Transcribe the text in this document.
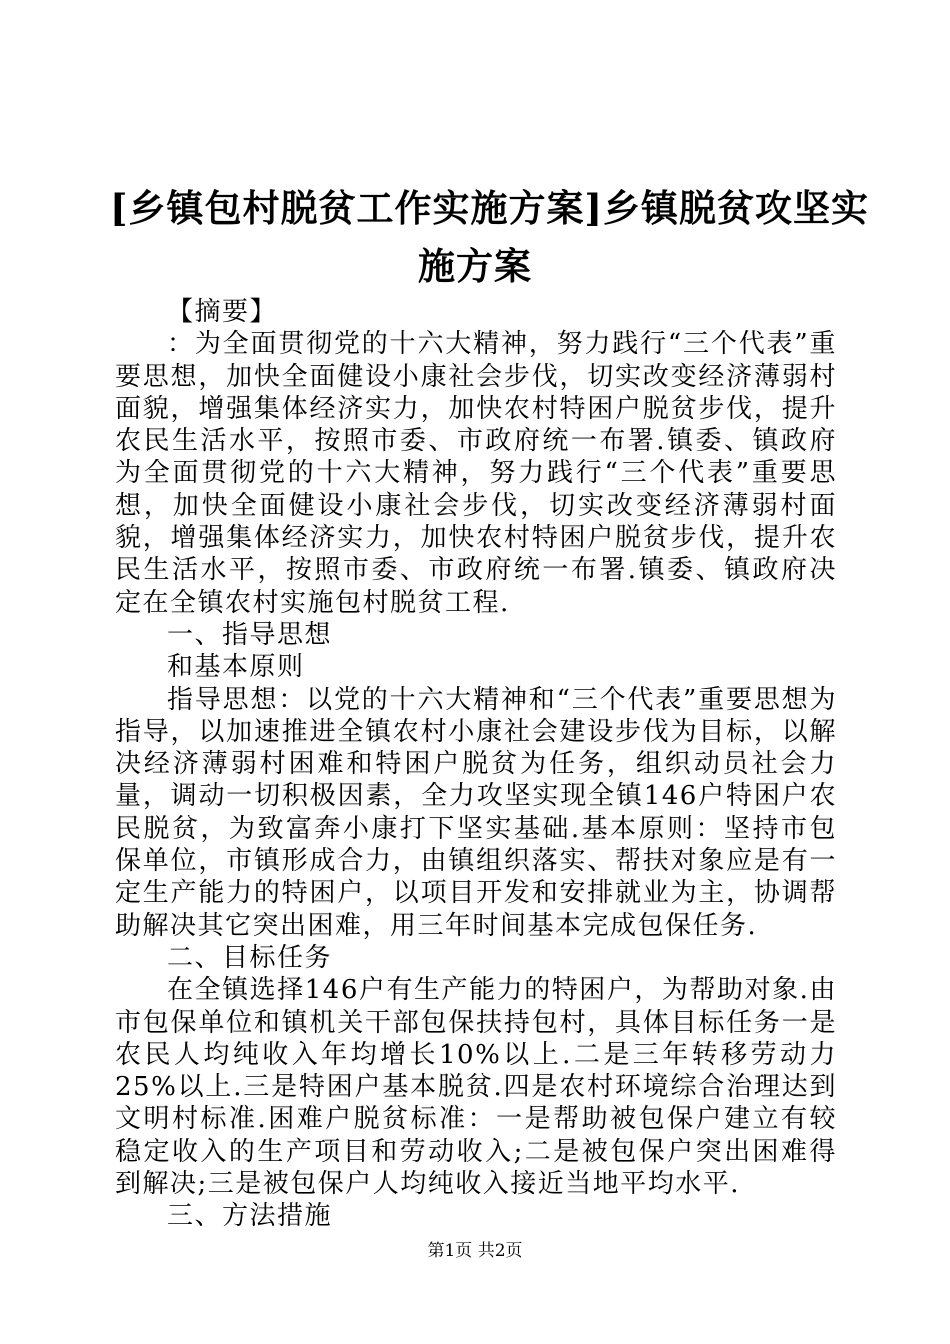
[乡镇包村脱贫工作实施方案]乡镇脱贫攻坚实
施方案

【摘要】

：为全面贯彻党的十六大精神，努力践行“三个代表”重要思想，加快全面健设小康社会步伐，切实改变经济薄弱村面貌，增强集体经济实力，加快农村特困户脱贫步伐，提升农民生活水平，按照市委、市政府统一布署.镇委、镇政府为全面贯彻党的十六大精神，努力践行“三个代表”重要思想，加快全面健设小康社会步伐，切实改变经济薄弱村面貌，增强集体经济实力，加快农村特困户脱贫步伐，提升农民生活水平，按照市委、市政府统一布署.镇委、镇政府决定在全镇农村实施包村脱贫工程.

一、指导思想

和基本原则

指导思想：以党的十六大精神和“三个代表”重要思想为指导，以加速推进全镇农村小康社会建设步伐为目标，以解决经济薄弱村困难和特困户脱贫为任务，组织动员社会力量，调动一切积极因素，全力攻坚实现全镇146户特困户农民脱贫，为致富奔小康打下坚实基础.基本原则：坚持市包保单位，市镇形成合力，由镇组织落实、帮扶对象应是有一定生产能力的特困户，以项目开发和安排就业为主，协调帮助解决其它突出困难，用三年时间基本完成包保任务.

二、目标任务

在全镇选择146户有生产能力的特困户，为帮助对象.由市包保单位和镇机关干部包保扶持包村，具体目标任务一是农民人均纯收入年均增长10%以上.二是三年转移劳动力25%以上.三是特困户基本脱贫.四是农村环境综合治理达到文明村标准.困难户脱贫标准：一是帮助被包保户建立有较稳定收入的生产项目和劳动收入;二是被包保户突出困难得到解决;三是被包保户人均纯收入接近当地平均水平.

三、方法措施

第1页 共2页
